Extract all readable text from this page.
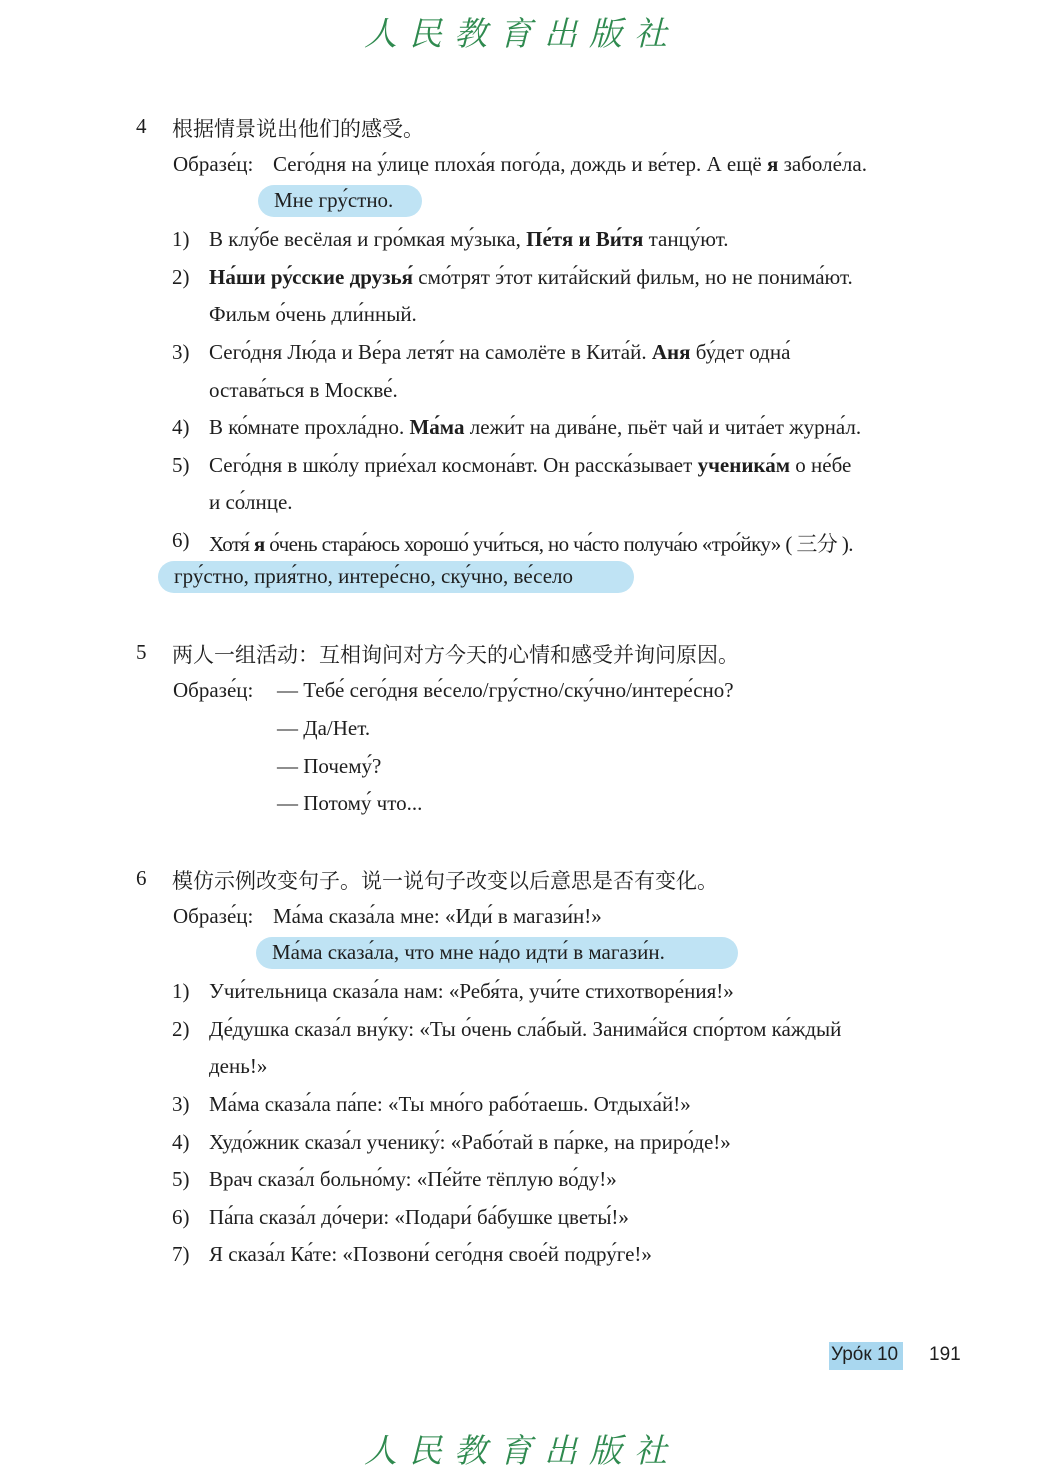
人民教育出版社
4 根据情景说出他们的感受。
Образе́ц: Сего́дня на у́лице плоха́я пого́да, дождь и ве́тер. А ещё я заболе́ла.
Мне гру́стно.
1) В клу́бе весёлая и гро́мкая му́зыка, Пе́тя и Ви́тя танцу́ют.
2) На́ши ру́сские друзья́ смо́трят э́тот кита́йский фильм, но не понима́ют.
Фильм о́чень дли́нный.
3) Сего́дня Лю́да и Ве́ра летя́т на самолёте в Кита́й. Аня бу́дет одна́
остава́ться в Москве́.
4) В ко́мнате прохла́дно. Ма́ма лежи́т на дива́не, пьёт чай и чита́ет журна́л.
5) Сего́дня в шко́лу прие́хал космона́вт. Он расска́зывает ученика́м о не́бе
и со́лнце.
6) Хотя́ я о́чень стара́юсь хорошо́ учи́ться, но ча́сто получа́ю «тро́йку» ( 三分 ).
гру́стно, прия́тно, интере́сно, ску́чно, ве́село
5 两人一组活动：互相询问对方今天的心情和感受并询问原因。
Образе́ц: — Тебе́ сего́дня ве́село/гру́стно/ску́чно/интере́сно?
— Да/Нет.
— Почему́?
— Потому́ что...
6 模仿示例改变句子。说一说句子改变以后意思是否有变化。
Образе́ц: Ма́ма сказа́ла мне: «Иди́ в магази́н!»
Ма́ма сказа́ла, что мне на́до идти́ в магази́н.
1) Учи́тельница сказа́ла нам: «Ребя́та, учи́те стихотворе́ния!»
2) Де́душка сказа́л вну́ку: «Ты о́чень сла́бый. Занима́йся спо́ртом ка́ждый
день!»
3) Ма́ма сказа́ла па́пе: «Ты мно́го рабо́таешь. Отдыха́й!»
4) Худо́жник сказа́л ученику́: «Рабо́тай в па́рке, на приро́де!»
5) Врач сказа́л больно́му: «Пе́йте тёплую во́ду!»
6) Па́па сказа́л до́чери: «Подари́ ба́бушке цветы́!»
7) Я сказа́л Ка́те: «Позвони́ сего́дня свое́й подру́ге!»
Уро́к 10 191
人民教育出版社
